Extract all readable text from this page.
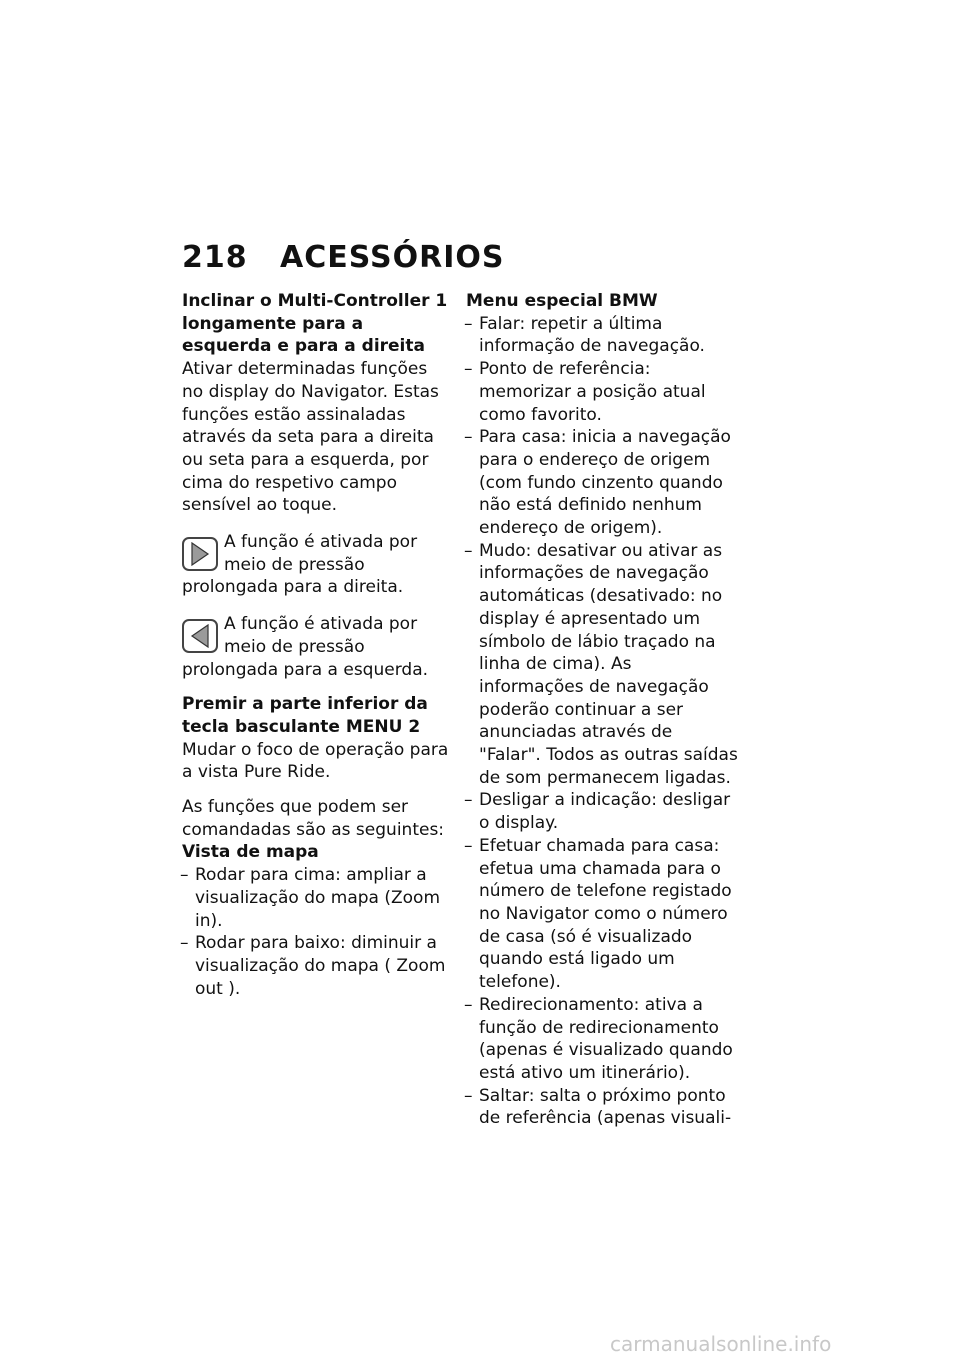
218 ACESSÓRIOS

Inclinar o Multi-Controller 1 longamente para a esquerda e para a direita

Ativar determinadas funções no display do Navigator. Estas funções estão assinaladas através da seta para a direita ou seta para a esquerda, por cima do respetivo campo sensível ao toque.

A função é ativada por meio de pressão prolongada para a direita.
A função é ativada por meio de pressão prolongada para a esquerda.

Premir a parte inferior da tecla basculante MENU 2

Mudar o foco de operação para a vista Pure Ride.

As funções que podem ser comandadas são as seguintes:

Vista de mapa

– Rodar para cima: ampliar a visualização do mapa (Zoom in).
– Rodar para baixo: diminuir a visualização do mapa ( Zoom out ).

Menu especial BMW

– Falar: repetir a última informação de navegação.
– Ponto de referência: memorizar a posição atual como favorito.
– Para casa: inicia a navegação para o endereço de origem (com fundo cinzento quando não está definido nenhum endereço de origem).
– Mudo: desativar ou ativar as informações de navegação automáticas (desativado: no display é apresentado um símbolo de lábio traçado na linha de cima). As informações de navegação poderão continuar a ser anunciadas através de "Falar". Todos as outras saídas de som permanecem ligadas.
– Desligar a indicação: desligar o display.
– Efetuar chamada para casa: efetua uma chamada para o número de telefone registado no Navigator como o número de casa (só é visualizado quando está ligado um telefone).
– Redirecionamento: ativa a função de redirecionamento (apenas é visualizado quando está ativo um itinerário).
– Saltar: salta o próximo ponto de referência (apenas visuali-
carmanualsonline.info
